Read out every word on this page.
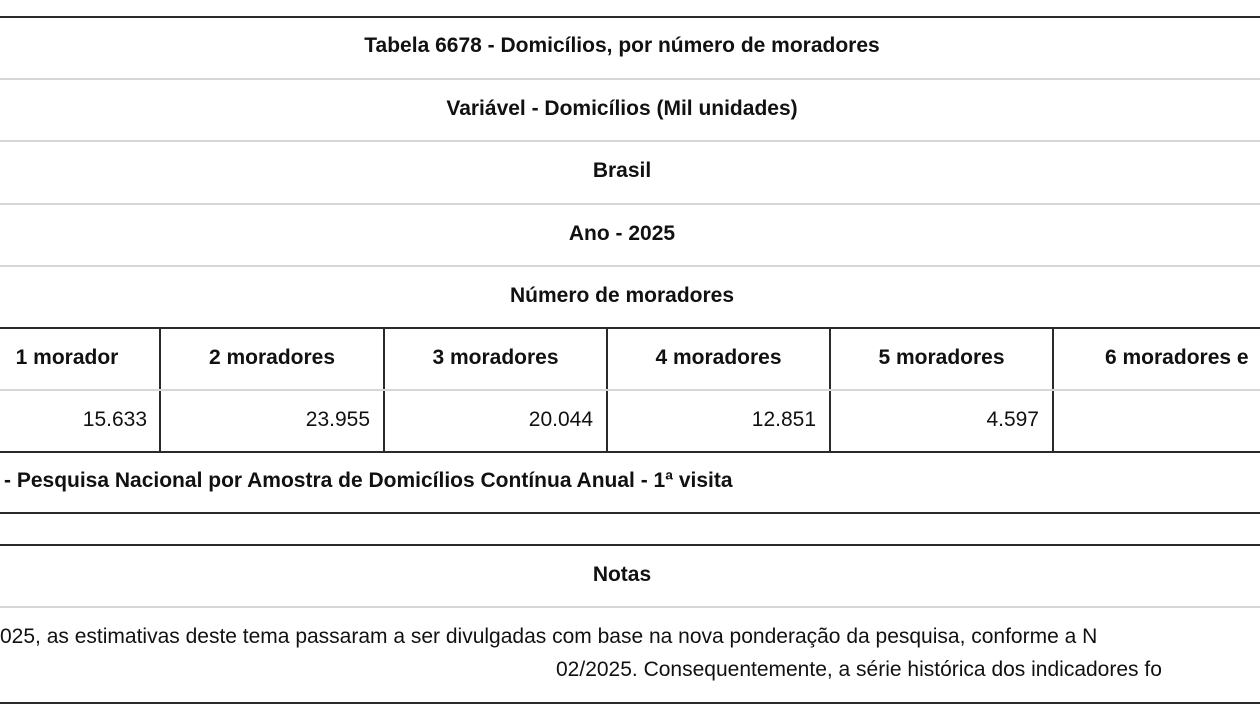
Tabela 6678 - Domicílios, por número de moradores
Variável - Domicílios (Mil unidades)
Brasil
Ano - 2025
Número de moradores
1 morador	2 moradores	3 moradores	4 moradores	5 moradores	6 moradores e
15.633	23.955	20.044	12.851	4.597
- Pesquisa Nacional por Amostra de Domicílios Contínua Anual - 1ª visita
Notas
025, as estimativas deste tema passaram a ser divulgadas com base na nova ponderação da pesquisa, conforme a N
02/2025. Consequentemente, a série histórica dos indicadores fo
